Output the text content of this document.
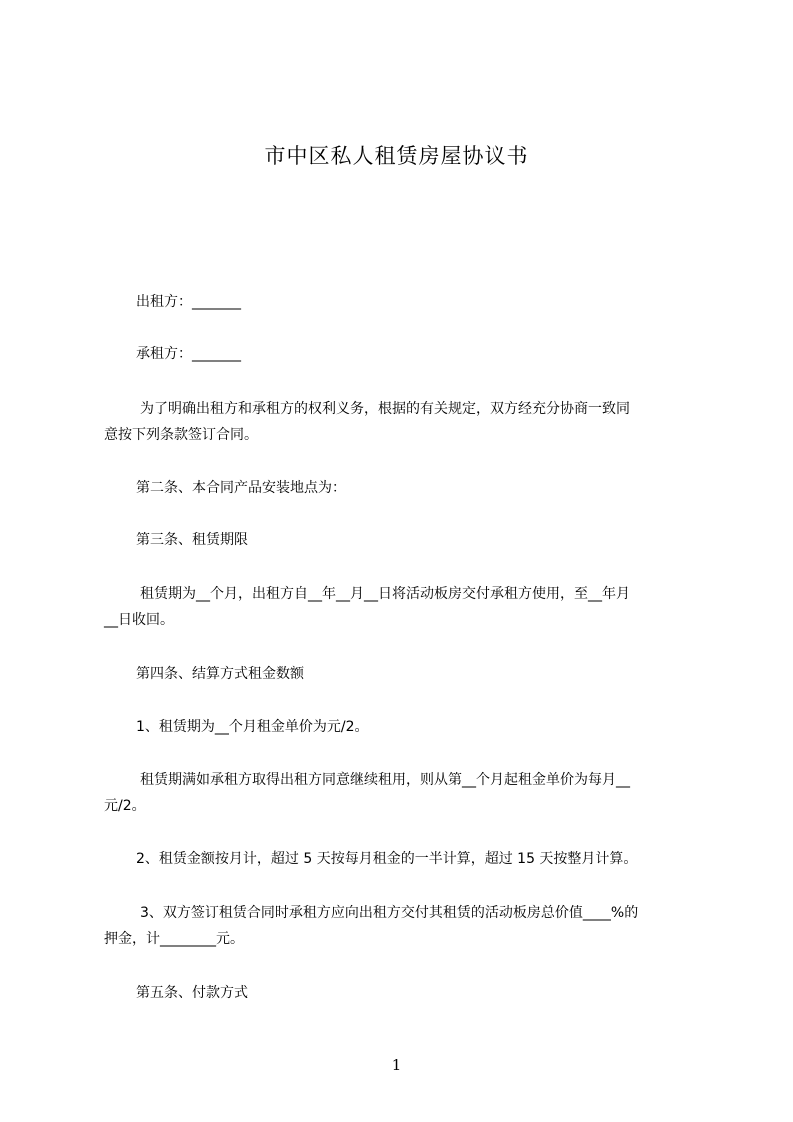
市中区私人租赁房屋协议书
出租方：_______
承租方：_______
为了明确出租方和承租方的权利义务，根据的有关规定，双方经充分协商一致同
意按下列条款签订合同。
第二条、本合同产品安装地点为：
第三条、租赁期限
租赁期为__个月，出租方自__年__月__日将活动板房交付承租方使用，至__年月
__日收回。
第四条、结算方式租金数额
1、租赁期为__个月租金单价为元/2。
租赁期满如承租方取得出租方同意继续租用，则从第__个月起租金单价为每月__
元/2。
2、租赁金额按月计，超过 5 天按每月租金的一半计算，超过 15 天按整月计算。
3、双方签订租赁合同时承租方应向出租方交付其租赁的活动板房总价值____%的
押金，计________元。
第五条、付款方式
1
